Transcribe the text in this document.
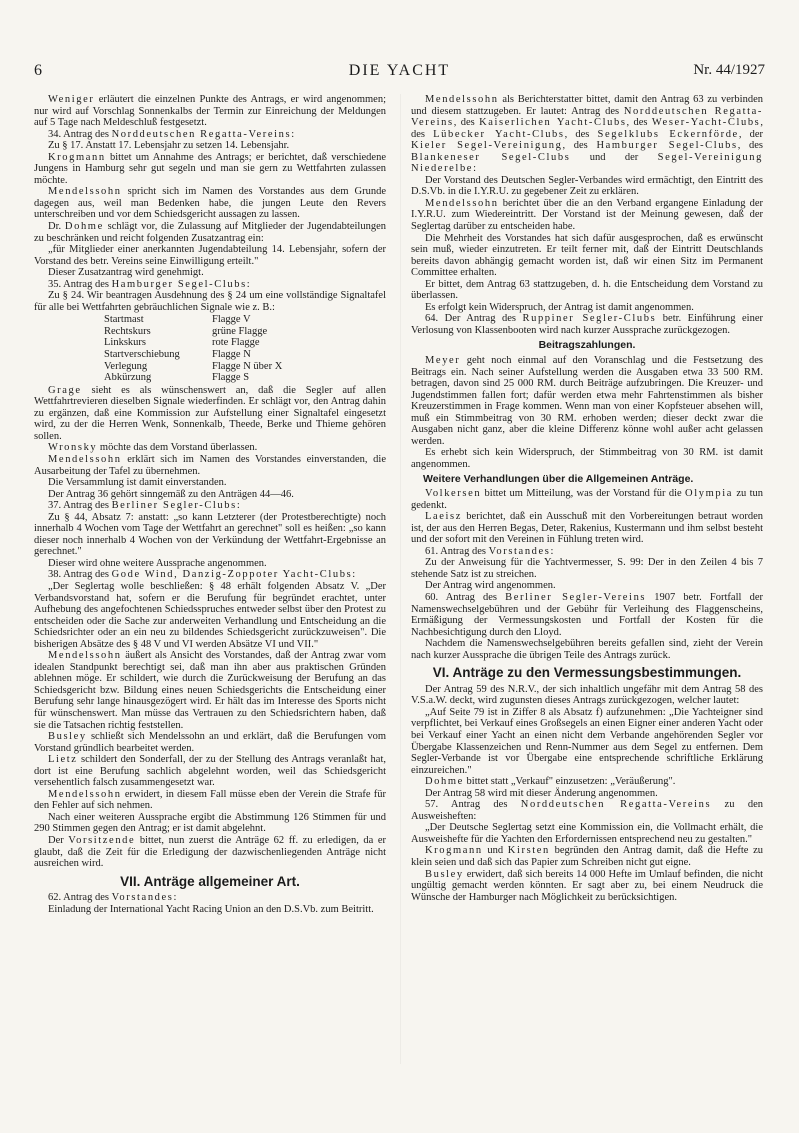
6	DIE YACHT	Nr. 44/1927

Weniger erläutert die einzelnen Punkte des Antrags, er wird angenommen; nur wird auf Vorschlag Sonnenkalbs der Termin zur Einreichung der Meldungen auf 5 Tage nach Meldeschluß festgesetzt.

34. Antrag des Norddeutschen Regatta-Vereins:

Zu § 17. Anstatt 17. Lebensjahr zu setzen 14. Lebensjahr.

Krogmann bittet um Annahme des Antrags; er berichtet, daß verschiedene Jungens in Hamburg sehr gut segeln und man sie gern zu Wettfahrten zulassen möchte.

Mendelssohn spricht sich im Namen des Vorstandes aus dem Grunde dagegen aus, weil man Bedenken habe, die jungen Leute den Revers unterschreiben und vor dem Schiedsgericht aussagen zu lassen.

Dr. Dohme schlägt vor, die Zulassung auf Mitglieder der Jugendabteilungen zu beschränken und reicht folgenden Zusatzantrag ein:

„für Mitglieder einer anerkannten Jugendabteilung 14. Lebensjahr, sofern der Vorstand des betr. Vereins seine Einwilligung erteilt."

Dieser Zusatzantrag wird genehmigt.

35. Antrag des Hamburger Segel-Clubs:

Zu § 24. Wir beantragen Ausdehnung des § 24 um eine vollständige Signaltafel für alle bei Wettfahrten gebräuchlichen Signale wie z. B.:

Startmast	Flagge V
Rechtskurs	grüne Flagge
Linkskurs	rote Flagge
Startverschiebung	Flagge N
Verlegung	Flagge N über X
Abkürzung	Flagge S

Grage sieht es als wünschenswert an, daß die Segler auf allen Wettfahrtrevieren dieselben Signale wiederfinden. Er schlägt vor, den Antrag dahin zu ergänzen, daß eine Kommission zur Aufstellung einer Signaltafel eingesetzt wird, zu der die Herren Wenk, Sonnenkalb, Theede, Berke und Thieme gehören sollen.

Wronsky möchte das dem Vorstand überlassen.

Mendelssohn erklärt sich im Namen des Vorstandes einverstanden, die Ausarbeitung der Tafel zu übernehmen.

Die Versammlung ist damit einverstanden.

Der Antrag 36 gehört sinngemäß zu den Anträgen 44—46.

37. Antrag des Berliner Segler-Clubs:

Zu § 44, Absatz 7: anstatt: „so kann Letzterer (der Protestberechtigte) noch innerhalb 4 Wochen vom Tage der Wettfahrt an gerechnet" soll es heißen: „so kann dieser noch innerhalb 4 Wochen von der Verkündung der Wettfahrt-Ergebnisse an gerechnet."

Dieser wird ohne weitere Aussprache angenommen.

38. Antrag des Gode Wind, Danzig-Zoppoter Yacht-Clubs:

„Der Seglertag wolle beschließen: § 48 erhält folgenden Absatz V. „Der Verbandsvorstand hat, sofern er die Berufung für begründet erachtet, unter Aufhebung des angefochtenen Schiedsspruches entweder selbst über den Protest zu entscheiden oder die Sache zur anderweiten Verhandlung und Entscheidung an die Schiedsrichter oder an ein neu zu bildendes Schiedsgericht zurückzuweisen". Die bisherigen Absätze des § 48 V und VI werden Absätze VI und VII."

Mendelssohn äußert als Ansicht des Vorstandes, daß der Antrag zwar vom idealen Standpunkt berechtigt sei, daß man ihn aber aus praktischen Gründen ablehnen möge. Er schildert, wie durch die Zurückweisung der Berufung an das Schiedsgericht bzw. Bildung eines neuen Schiedsgerichts die Entscheidung einer Berufung sehr lange hinausgezögert wird. Er hält das im Interesse des Sports nicht für wünschenswert. Man müsse das Vertrauen zu den Schiedsrichtern haben, daß sie die Tatsachen richtig feststellen.

Busley schließt sich Mendelssohn an und erklärt, daß die Berufungen vom Vorstand gründlich bearbeitet werden.

Lietz schildert den Sonderfall, der zu der Stellung des Antrags veranlaßt hat, dort ist eine Berufung sachlich abgelehnt worden, weil das Schiedsgericht versehentlich falsch zusammengesetzt war.

Mendelssohn erwidert, in diesem Fall müsse eben der Verein die Strafe für den Fehler auf sich nehmen.

Nach einer weiteren Aussprache ergibt die Abstimmung 126 Stimmen für und 290 Stimmen gegen den Antrag; er ist damit abgelehnt.

Der Vorsitzende bittet, nun zuerst die Anträge 62 ff. zu erledigen, da er glaubt, daß die Zeit für die Erledigung der dazwischenliegenden Anträge nicht ausreichen wird.

VII. Anträge allgemeiner Art.

62. Antrag des Vorstandes:

Einladung der International Yacht Racing Union an den D.S.Vb. zum Beitritt.

Mendelssohn als Berichterstatter bittet, damit den Antrag 63 zu verbinden und diesem stattzugeben. Er lautet: Antrag des Norddeutschen Regatta-Vereins, des Kaiserlichen Yacht-Clubs, des Weser-Yacht-Clubs, des Lübecker Yacht-Clubs, des Segelklubs Eckernförde, der Kieler Segel-Vereinigung, des Hamburger Segel-Clubs, des Blankeneser Segel-Clubs und der Segel-Vereinigung Niederelbe:

Der Vorstand des Deutschen Segler-Verbandes wird ermächtigt, den Eintritt des D.S.Vb. in die I.Y.R.U. zu gegebener Zeit zu erklären.

Mendelssohn berichtet über die an den Verband ergangene Einladung der I.Y.R.U. zum Wiedereintritt. Der Vorstand ist der Meinung gewesen, daß der Seglertag darüber zu entscheiden habe.

Die Mehrheit des Vorstandes hat sich dafür ausgesprochen, daß es erwünscht sein muß, wieder einzutreten. Er teilt ferner mit, daß der Eintritt Deutschlands bereits davon abhängig gemacht worden ist, daß wir einen Sitz im Permanent Committee erhalten.

Er bittet, dem Antrag 63 stattzugeben, d. h. die Entscheidung dem Vorstand zu überlassen.

Es erfolgt kein Widerspruch, der Antrag ist damit angenommen.

64. Der Antrag des Ruppiner Segler-Clubs betr. Einführung einer Verlosung von Klassenbooten wird nach kurzer Aussprache zurückgezogen.

Beitragszahlungen.

Meyer geht noch einmal auf den Voranschlag und die Festsetzung des Beitrags ein. Nach seiner Aufstellung werden die Ausgaben etwa 33 500 RM. betragen, davon sind 25 000 RM. durch Beiträge aufzubringen. Die Kreuzer- und Jugendstimmen fallen fort; dafür werden etwa mehr Fahrtenstimmen als bisher Kreuzerstimmen in Frage kommen. Wenn man von einer Kopfsteuer absehen will, muß ein Stimmbeitrag von 30 RM. erhoben werden; dieser deckt zwar die Ausgaben nicht ganz, aber die kleine Differenz könne wohl außer acht gelassen werden.

Es erhebt sich kein Widerspruch, der Stimmbeitrag von 30 RM. ist damit angenommen.

Weitere Verhandlungen über die Allgemeinen Anträge.

Volkersen bittet um Mitteilung, was der Vorstand für die Olympia zu tun gedenkt.

Laeisz berichtet, daß ein Ausschuß mit den Vorbereitungen betraut worden ist, der aus den Herren Begas, Deter, Rakenius, Kustermann und ihm selbst besteht und der sofort mit den Vereinen in Fühlung treten wird.

61. Antrag des Vorstandes:

Zu der Anweisung für die Yachtvermesser, S. 99: Der in den Zeilen 4 bis 7 stehende Satz ist zu streichen.

Der Antrag wird angenommen.

60. Antrag des Berliner Segler-Vereins 1907 betr. Fortfall der Namenswechselgebühren und der Gebühr für Verleihung des Flaggenscheins, Ermäßigung der Vermessungskosten und Fortfall der Kosten für die Nachbesichtigung durch den Lloyd.

Nachdem die Namenswechselgebühren bereits gefallen sind, zieht der Verein nach kurzer Aussprache die übrigen Teile des Antrags zurück.

VI. Anträge zu den Vermessungsbestimmungen.

Der Antrag 59 des N.R.V., der sich inhaltlich ungefähr mit dem Antrag 58 des V.S.a.W. deckt, wird zugunsten dieses Antrags zurückgezogen, welcher lautet:

„Auf Seite 79 ist in Ziffer 8 als Absatz f) aufzunehmen: „Die Yachteigner sind verpflichtet, bei Verkauf eines Großsegels an einen Eigner einer anderen Yacht oder bei Verkauf einer Yacht an einen nicht dem Verbande angehörenden Segler vor Übergabe Klassenzeichen und Renn-Nummer aus dem Segel zu entfernen. Dem Segler-Verbande ist vor Übergabe eine entsprechende schriftliche Erklärung einzureichen."

Dohme bittet statt „Verkauf" einzusetzen: „Veräußerung".

Der Antrag 58 wird mit dieser Änderung angenommen.

57. Antrag des Norddeutschen Regatta-Vereins zu den Ausweisheften:

„Der Deutsche Seglertag setzt eine Kommission ein, die Vollmacht erhält, die Ausweishefte für die Yachten den Erfordernissen entsprechend neu zu gestalten."

Krogmann und Kirsten begründen den Antrag damit, daß die Hefte zu klein seien und daß sich das Papier zum Schreiben nicht gut eigne.

Busley erwidert, daß sich bereits 14 000 Hefte im Umlauf befinden, die nicht ungültig gemacht werden könnten. Er sagt aber zu, bei einem Neudruck die Wünsche der Hamburger nach Möglichkeit zu berücksichtigen.
